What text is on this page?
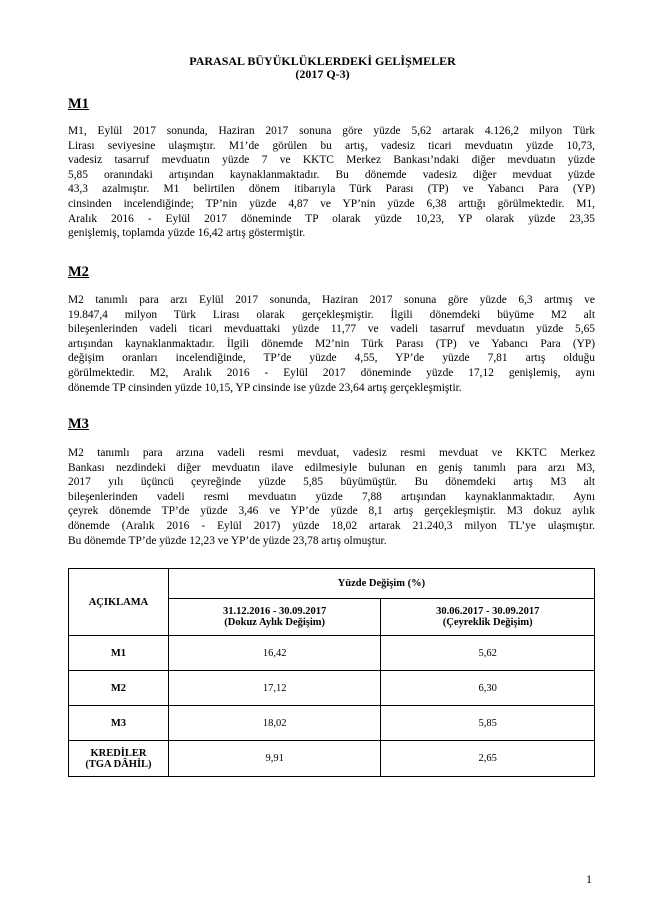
PARASAL BÜYÜKLÜKLERDEKİ GELİŞMELER
(2017 Q-3)
M1
M1, Eylül 2017 sonunda, Haziran 2017 sonuna göre yüzde 5,62 artarak 4.126,2 milyon Türk
Lirası seviyesine ulaşmıştır. M1’de görülen bu artış, vadesiz ticari mevduatın yüzde 10,73,
vadesiz tasarruf mevduatın yüzde 7 ve KKTC Merkez Bankası’ndaki diğer mevduatın yüzde
5,85 oranındaki artışından kaynaklanmaktadır. Bu dönemde vadesiz diğer mevduat yüzde
43,3 azalmıştır. M1 belirtilen dönem itibarıyla Türk Parası (TP) ve Yabancı Para (YP)
cinsinden incelendiğinde; TP’nin yüzde 4,87 ve YP’nin yüzde 6,38 arttığı görülmektedir. M1,
Aralık 2016 - Eylül 2017 döneminde TP olarak yüzde 10,23, YP olarak yüzde 23,35
genişlemiş, toplamda yüzde 16,42 artış göstermiştir.
M2
M2 tanımlı para arzı Eylül 2017 sonunda, Haziran 2017 sonuna göre yüzde 6,3 artmış ve
19.847,4 milyon Türk Lirası olarak gerçekleşmiştir. İlgili dönemdeki büyüme M2 alt
bileşenlerinden vadeli ticari mevduattaki yüzde 11,77 ve vadeli tasarruf mevduatın yüzde 5,65
artışından kaynaklanmaktadır. İlgili dönemde M2’nin Türk Parası (TP) ve Yabancı Para (YP)
değişim oranları incelendiğinde, TP’de yüzde 4,55, YP’de yüzde 7,81 artış olduğu
görülmektedir. M2, Aralık 2016 - Eylül 2017 döneminde yüzde 17,12 genişlemiş, aynı
dönemde TP cinsinden yüzde 10,15, YP cinsinde ise yüzde 23,64 artış gerçekleşmiştir.
M3
M2 tanımlı para arzına vadeli resmi mevduat, vadesiz resmi mevduat ve KKTC Merkez
Bankası nezdindeki diğer mevduatın ilave edilmesiyle bulunan en geniş tanımlı para arzı M3,
2017 yılı üçüncü çeyreğinde yüzde 5,85 büyümüştür. Bu dönemdeki artış M3 alt
bileşenlerinden vadeli resmi mevduatın yüzde 7,88 artışından kaynaklanmaktadır. Aynı
çeyrek dönemde TP’de yüzde 3,46 ve YP’de yüzde 8,1 artış gerçekleşmiştir. M3 dokuz aylık
dönemde (Aralık 2016 - Eylül 2017) yüzde 18,02 artarak 21.240,3 milyon TL’ye ulaşmıştır.
Bu dönemde TP’de yüzde 12,23 ve YP’de yüzde 23,78 artış olmuştur.
AÇIKLAMA	Yüzde Değişim (%)	

31.12.2016 - 30.09.2017
(Dokuz Aylık Değişim)

30.06.2017 - 30.09.2017
(Çeyreklik Değişim)

M1	16,42	5,62
M2	17,12	6,30
M3	18,02	5,85

KREDİLER
(TGA DÂHİL)	9,91	2,65
1
